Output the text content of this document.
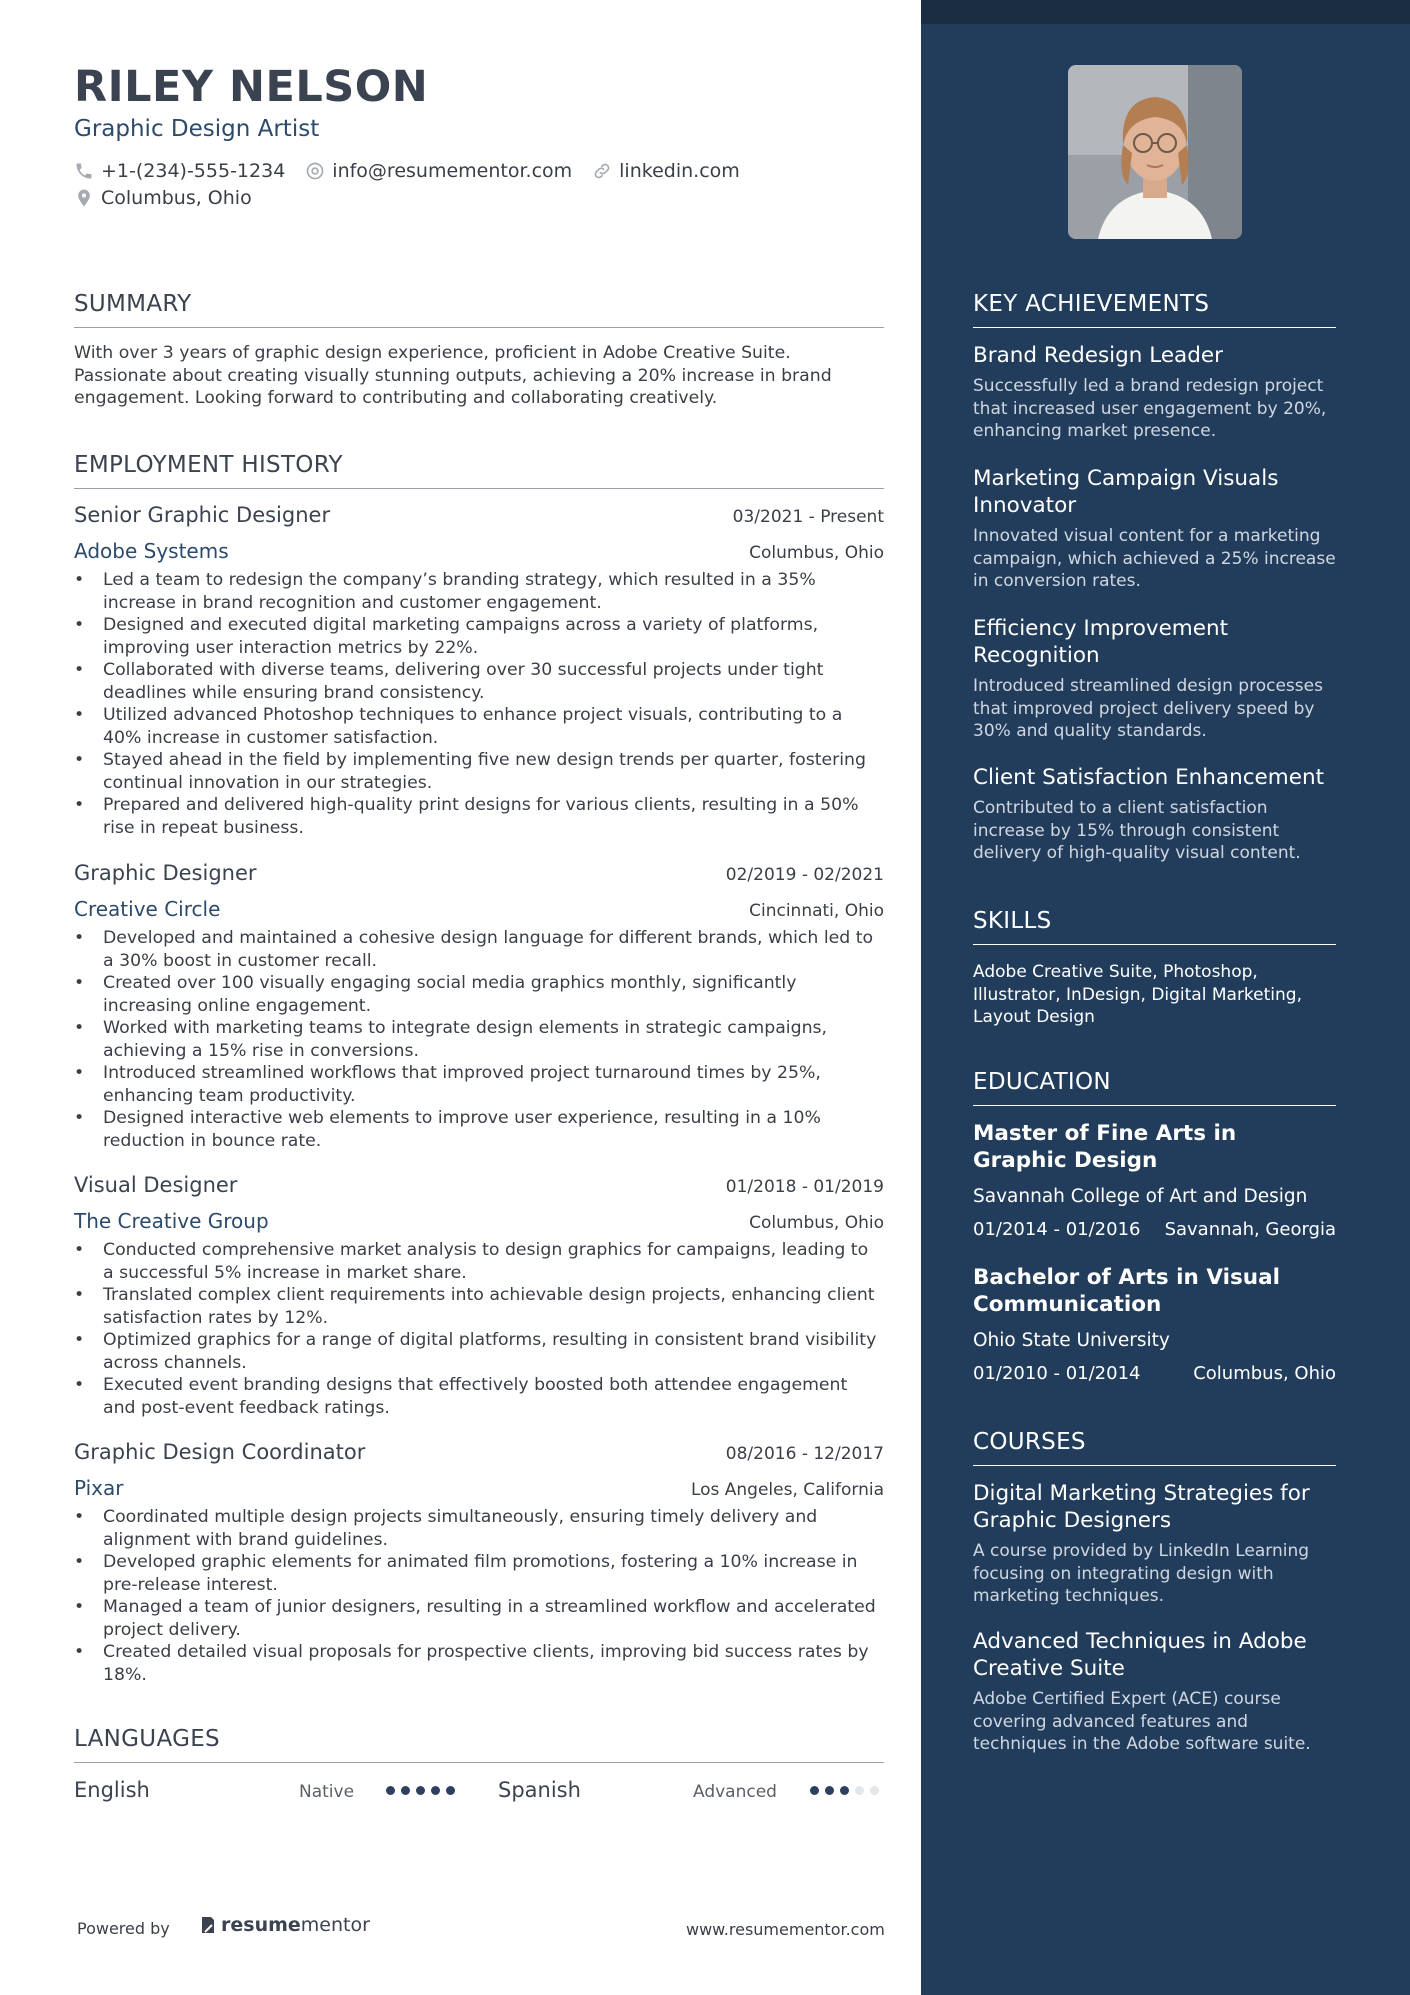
RILEY NELSON
Graphic Design Artist
+1-(234)-555-1234 info@resumementor.com linkedin.com
Columbus, Ohio
SUMMARY
With over 3 years of graphic design experience, proficient in Adobe Creative Suite. Passionate about creating visually stunning outputs, achieving a 20% increase in brand engagement. Looking forward to contributing and collaborating creatively.
EMPLOYMENT HISTORY
Senior Graphic Designer	03/2021 - Present
Adobe Systems	Columbus, Ohio
• Led a team to redesign the company’s branding strategy, which resulted in a 35% increase in brand recognition and customer engagement.
• Designed and executed digital marketing campaigns across a variety of platforms, improving user interaction metrics by 22%.
• Collaborated with diverse teams, delivering over 30 successful projects under tight deadlines while ensuring brand consistency.
• Utilized advanced Photoshop techniques to enhance project visuals, contributing to a 40% increase in customer satisfaction.
• Stayed ahead in the field by implementing five new design trends per quarter, fostering continual innovation in our strategies.
• Prepared and delivered high-quality print designs for various clients, resulting in a 50% rise in repeat business.
Graphic Designer	02/2019 - 02/2021
Creative Circle	Cincinnati, Ohio
• Developed and maintained a cohesive design language for different brands, which led to a 30% boost in customer recall.
• Created over 100 visually engaging social media graphics monthly, significantly increasing online engagement.
• Worked with marketing teams to integrate design elements in strategic campaigns, achieving a 15% rise in conversions.
• Introduced streamlined workflows that improved project turnaround times by 25%, enhancing team productivity.
• Designed interactive web elements to improve user experience, resulting in a 10% reduction in bounce rate.
Visual Designer	01/2018 - 01/2019
The Creative Group	Columbus, Ohio
• Conducted comprehensive market analysis to design graphics for campaigns, leading to a successful 5% increase in market share.
• Translated complex client requirements into achievable design projects, enhancing client satisfaction rates by 12%.
• Optimized graphics for a range of digital platforms, resulting in consistent brand visibility across channels.
• Executed event branding designs that effectively boosted both attendee engagement and post-event feedback ratings.
Graphic Design Coordinator	08/2016 - 12/2017
Pixar	Los Angeles, California
• Coordinated multiple design projects simultaneously, ensuring timely delivery and alignment with brand guidelines.
• Developed graphic elements for animated film promotions, fostering a 10% increase in pre-release interest.
• Managed a team of junior designers, resulting in a streamlined workflow and accelerated project delivery.
• Created detailed visual proposals for prospective clients, improving bid success rates by 18%.
LANGUAGES
English	Native	Spanish	Advanced
Powered by	resume mentor	www.resumementor.com
KEY ACHIEVEMENTS
Brand Redesign Leader
Successfully led a brand redesign project that increased user engagement by 20%, enhancing market presence.
Marketing Campaign Visuals Innovator
Innovated visual content for a marketing campaign, which achieved a 25% increase in conversion rates.
Efficiency Improvement Recognition
Introduced streamlined design processes that improved project delivery speed by 30% and quality standards.
Client Satisfaction Enhancement
Contributed to a client satisfaction increase by 15% through consistent delivery of high-quality visual content.
SKILLS
Adobe Creative Suite, Photoshop, Illustrator, InDesign, Digital Marketing, Layout Design
EDUCATION
Master of Fine Arts in Graphic Design
Savannah College of Art and Design
01/2014 - 01/2016 Savannah, Georgia
Bachelor of Arts in Visual Communication
Ohio State University
01/2010 - 01/2014	Columbus, Ohio
COURSES
Digital Marketing Strategies for Graphic Designers
A course provided by LinkedIn Learning focusing on integrating design with marketing techniques.
Advanced Techniques in Adobe Creative Suite
Adobe Certified Expert (ACE) course covering advanced features and techniques in the Adobe software suite.
